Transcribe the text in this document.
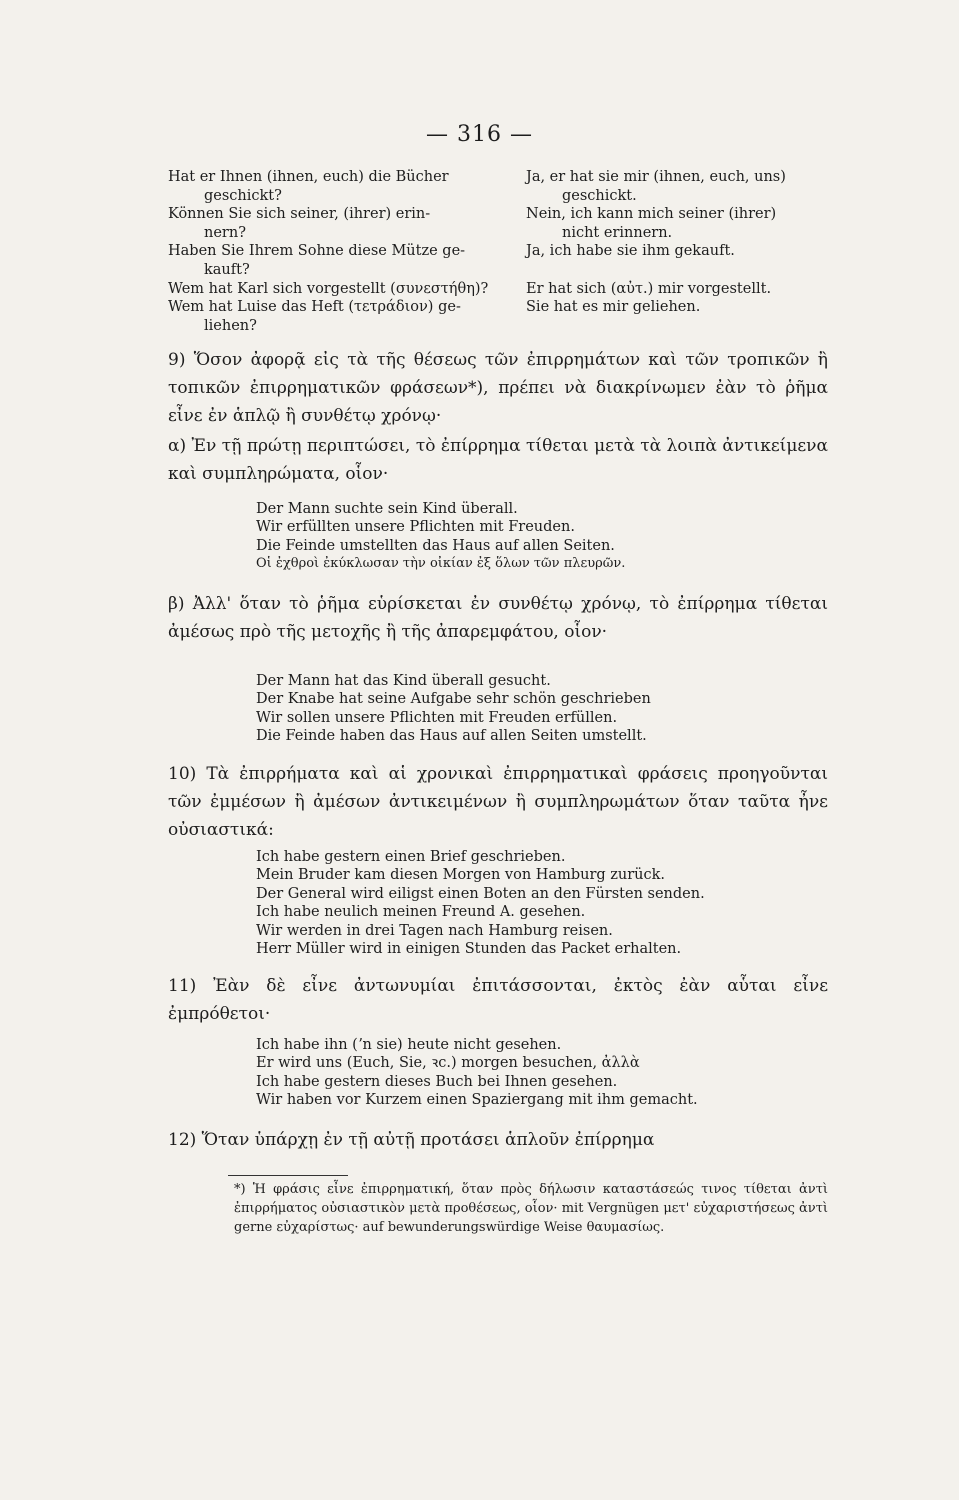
— 316 —
Hat er Ihnen (ihnen, euch) die Bücher
geschickt?
Ja, er hat sie mir (ihnen, euch, uns)
geschickt.
Können Sie sich seiner, (ihrer) erin-
nern?
Nein, ich kann mich seiner (ihrer)
nicht erinnern.
Haben Sie Ihrem Sohne diese Mütze ge-
kauft?
Ja, ich habe sie ihm gekauft.
Wem hat Karl sich vorgestellt (συνεστήθη)?	Er hat sich (αὐτ.) mir vorgestellt.
Wem hat Luise das Heft (τετράδιον) ge-
liehen?
Sie hat es mir geliehen.
9) Ὅσον ἀφορᾷ εἰς τὰ τῆς θέσεως τῶν ἐπιρρημάτων καὶ τῶν τροπικῶν ἢ τοπικῶν ἐπιρρηματικῶν φράσεων*), πρέπει νὰ διακρίνωμεν ἐὰν τὸ ῥῆμα εἶνε ἐν ἁπλῷ ἢ συνθέτῳ χρόνῳ·
α) Ἐν τῇ πρώτῃ περιπτώσει, τὸ ἐπίρρημα τίθεται μετὰ τὰ λοιπὰ ἀντικείμενα καὶ συμπληρώματα, οἷον·
Der Mann suchte sein Kind überall.
Wir erfüllten unsere Pflichten mit Freuden.
Die Feinde umstellten das Haus auf allen Seiten.
Οἱ ἐχθροὶ ἐκύκλωσαν τὴν οἰκίαν ἐξ ὅλων τῶν πλευρῶν.
β) Ἀλλ' ὅταν τὸ ῥῆμα εὑρίσκεται ἐν συνθέτῳ χρόνῳ, τὸ ἐπίρρημα τίθεται ἀμέσως πρὸ τῆς μετοχῆς ἢ τῆς ἀπαρεμφάτου, οἷον·
Der Mann hat das Kind überall gesucht.
Der Knabe hat seine Aufgabe sehr schön geschrieben
Wir sollen unsere Pflichten mit Freuden erfüllen.
Die Feinde haben das Haus auf allen Seiten umstellt.
10) Τὰ ἐπιρρήματα καὶ αἱ χρονικαὶ ἐπιρρηματικαὶ φράσεις προηγοῦνται τῶν ἐμμέσων ἢ ἀμέσων ἀντικειμένων ἢ συμπληρωμάτων ὅταν ταῦτα ἦνε οὐσιαστικά:
Ich habe gestern einen Brief geschrieben.
Mein Bruder kam diesen Morgen von Hamburg zurück.
Der General wird eiligst einen Boten an den Fürsten senden.
Ich habe neulich meinen Freund A. gesehen.
Wir werden in drei Tagen nach Hamburg reisen.
Herr Müller wird in einigen Stunden das Packet erhalten.
11) Ἐὰν δὲ εἶνε ἀντωνυμίαι ἐπιτάσσονται, ἐκτὸς ἐὰν αὗται εἶνε ἐμπρόθετοι·
Ich habe ihn (ʼn sie) heute nicht gesehen.
Er wird uns (Euch, Sie, ꝛc.) morgen besuchen, ἀλλὰ
Ich habe gestern dieses Buch bei Ihnen gesehen.
Wir haben vor Kurzem einen Spaziergang mit ihm gemacht.
12) Ὅταν ὑπάρχῃ ἐν τῇ αὐτῇ προτάσει ἁπλοῦν ἐπίρρημα
*) Ἡ φράσις εἶνε ἐπιρρηματική, ὅταν πρὸς δήλωσιν καταστάσεώς τινος τίθεται ἀντὶ ἐπιρρήματος οὐσιαστικὸν μετὰ προθέσεως, οἷον· mit Vergnügen μετ' εὐχαριστήσεως ἀντὶ gerne εὐχαρίστως· auf bewunderungswürdige Weise θαυμασίως.
